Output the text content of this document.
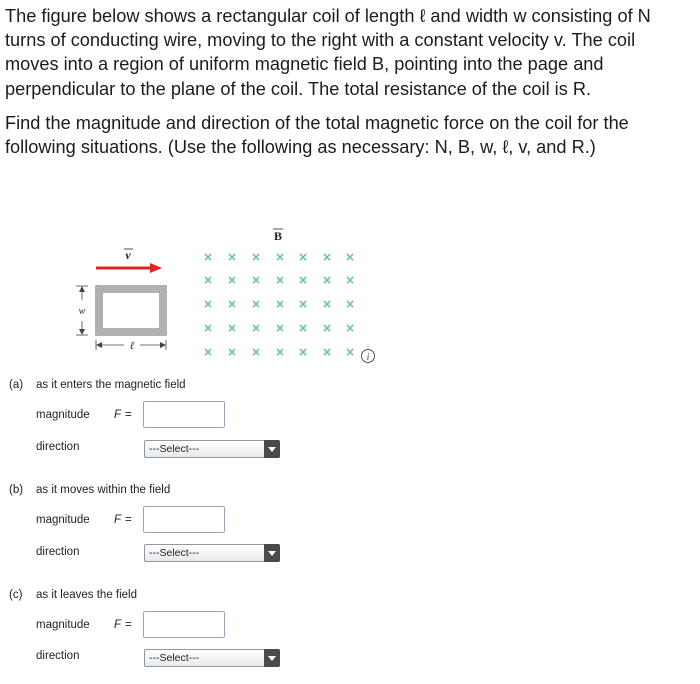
The figure below shows a rectangular coil of length ℓ and width w consisting of N turns of conducting wire, moving to the right with a constant velocity v. The coil moves into a region of uniform magnetic field B, pointing into the page and perpendicular to the plane of the coil. The total resistance of the coil is R.

Find the magnitude and direction of the total magnetic force on the coil for the following situations. (Use the following as necessary: N, B, w, ℓ, v, and R.)

v
B
w
ℓ
× × × × × × ×
× × × × × × ×
× × × × × × ×
× × × × × × ×
× × × × × × × i
(a) as it enters the magnetic field
magnitude F =
direction	---Select---
(b) as it moves within the field
magnitude F =
direction	---Select---
(c) as it leaves the field
magnitude F =
direction	---Select---
